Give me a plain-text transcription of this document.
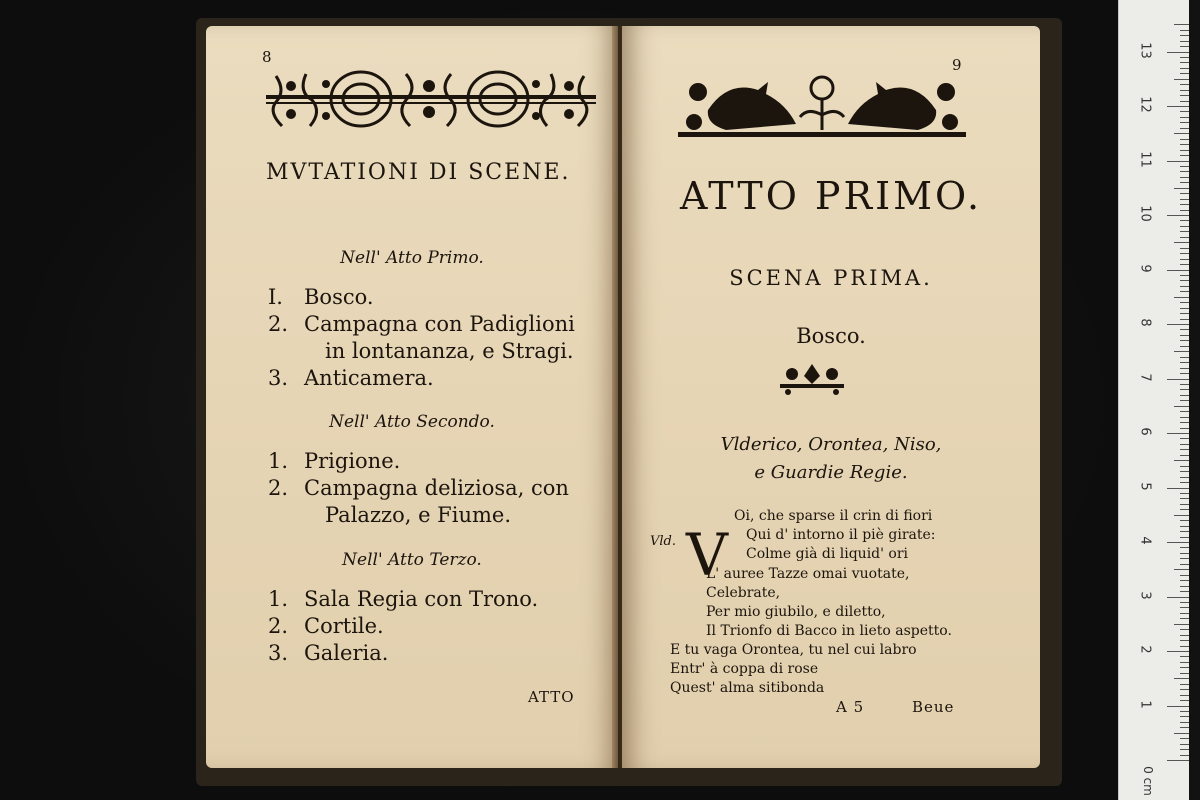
0 cm
1
2
3
4
5
6
7
8
9
10
11
12
13
8
MVTATIONI DI SCENE.
Nell' Atto Primo.
I. Bosco.
2. Campagna con Padiglioni
in lontananza, e Stragi.
3. Anticamera.
Nell' Atto Secondo.
1. Prigione.
2. Campagna deliziosa, con
Palazzo, e Fiume.
Nell' Atto Terzo.
1. Sala Regia con Trono.
2. Cortile.
3. Galeria.
ATTO
9
ATTO PRIMO.
SCENA PRIMA.
Bosco.
Vlderico, Orontea, Niso,
e Guardie Regie.
Vld. V
Oi, che sparse il crin di fiori
Qui d' intorno il piè girate:
Colme già di liquid' ori
L' auree Tazze omai vuotate,
Celebrate,
Per mio giubilo, e diletto,
Il Trionfo di Bacco in lieto aspetto.
E tu vaga Orontea, tu nel cui labro
Entr' à coppa di rose
Quest' alma sitibonda
A 5	Beue
